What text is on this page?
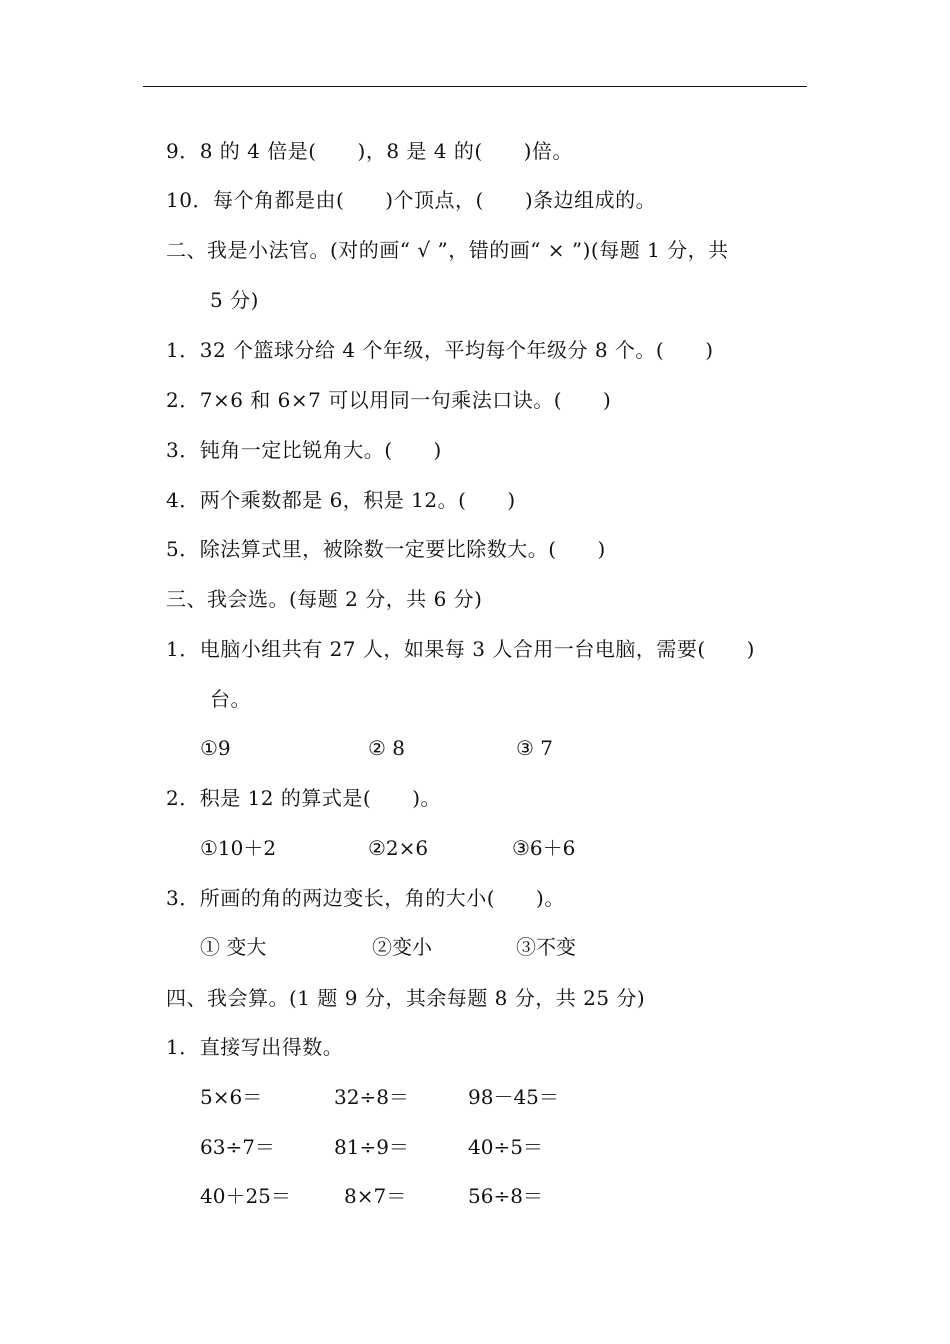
9．8 的 4 倍是(　　)，8 是 4 的(　　)倍。
10．每个角都是由(　　)个顶点，(　　)条边组成的。
二、我是小法官。(对的画“ √ ”，错的画“ × ”)(每题 1 分，共
5 分)
1．32 个篮球分给 4 个年级，平均每个年级分 8 个。(　　)
2．7×6 和 6×7 可以用同一句乘法口诀。(　　)
3．钝角一定比锐角大。(　　)
4．两个乘数都是 6，积是 12。(　　)
5．除法算式里，被除数一定要比除数大。(　　)
三、我会选。(每题 2 分，共 6 分)
1．电脑小组共有 27 人，如果每 3 人合用一台电脑，需要(　　)
台。
①9	② 8	③ 7
2．积是 12 的算式是(　　)。
①10＋2	②2×6	③6＋6
3．所画的角的两边变长，角的大小(　　)。
① 变大	②变小	③不变
四、我会算。(1 题 9 分，其余每题 8 分，共 25 分)
1．直接写出得数。
5×6＝	32÷8＝	98－45＝
63÷7＝	81÷9＝	40÷5＝
40＋25＝	8×7＝	56÷8＝
